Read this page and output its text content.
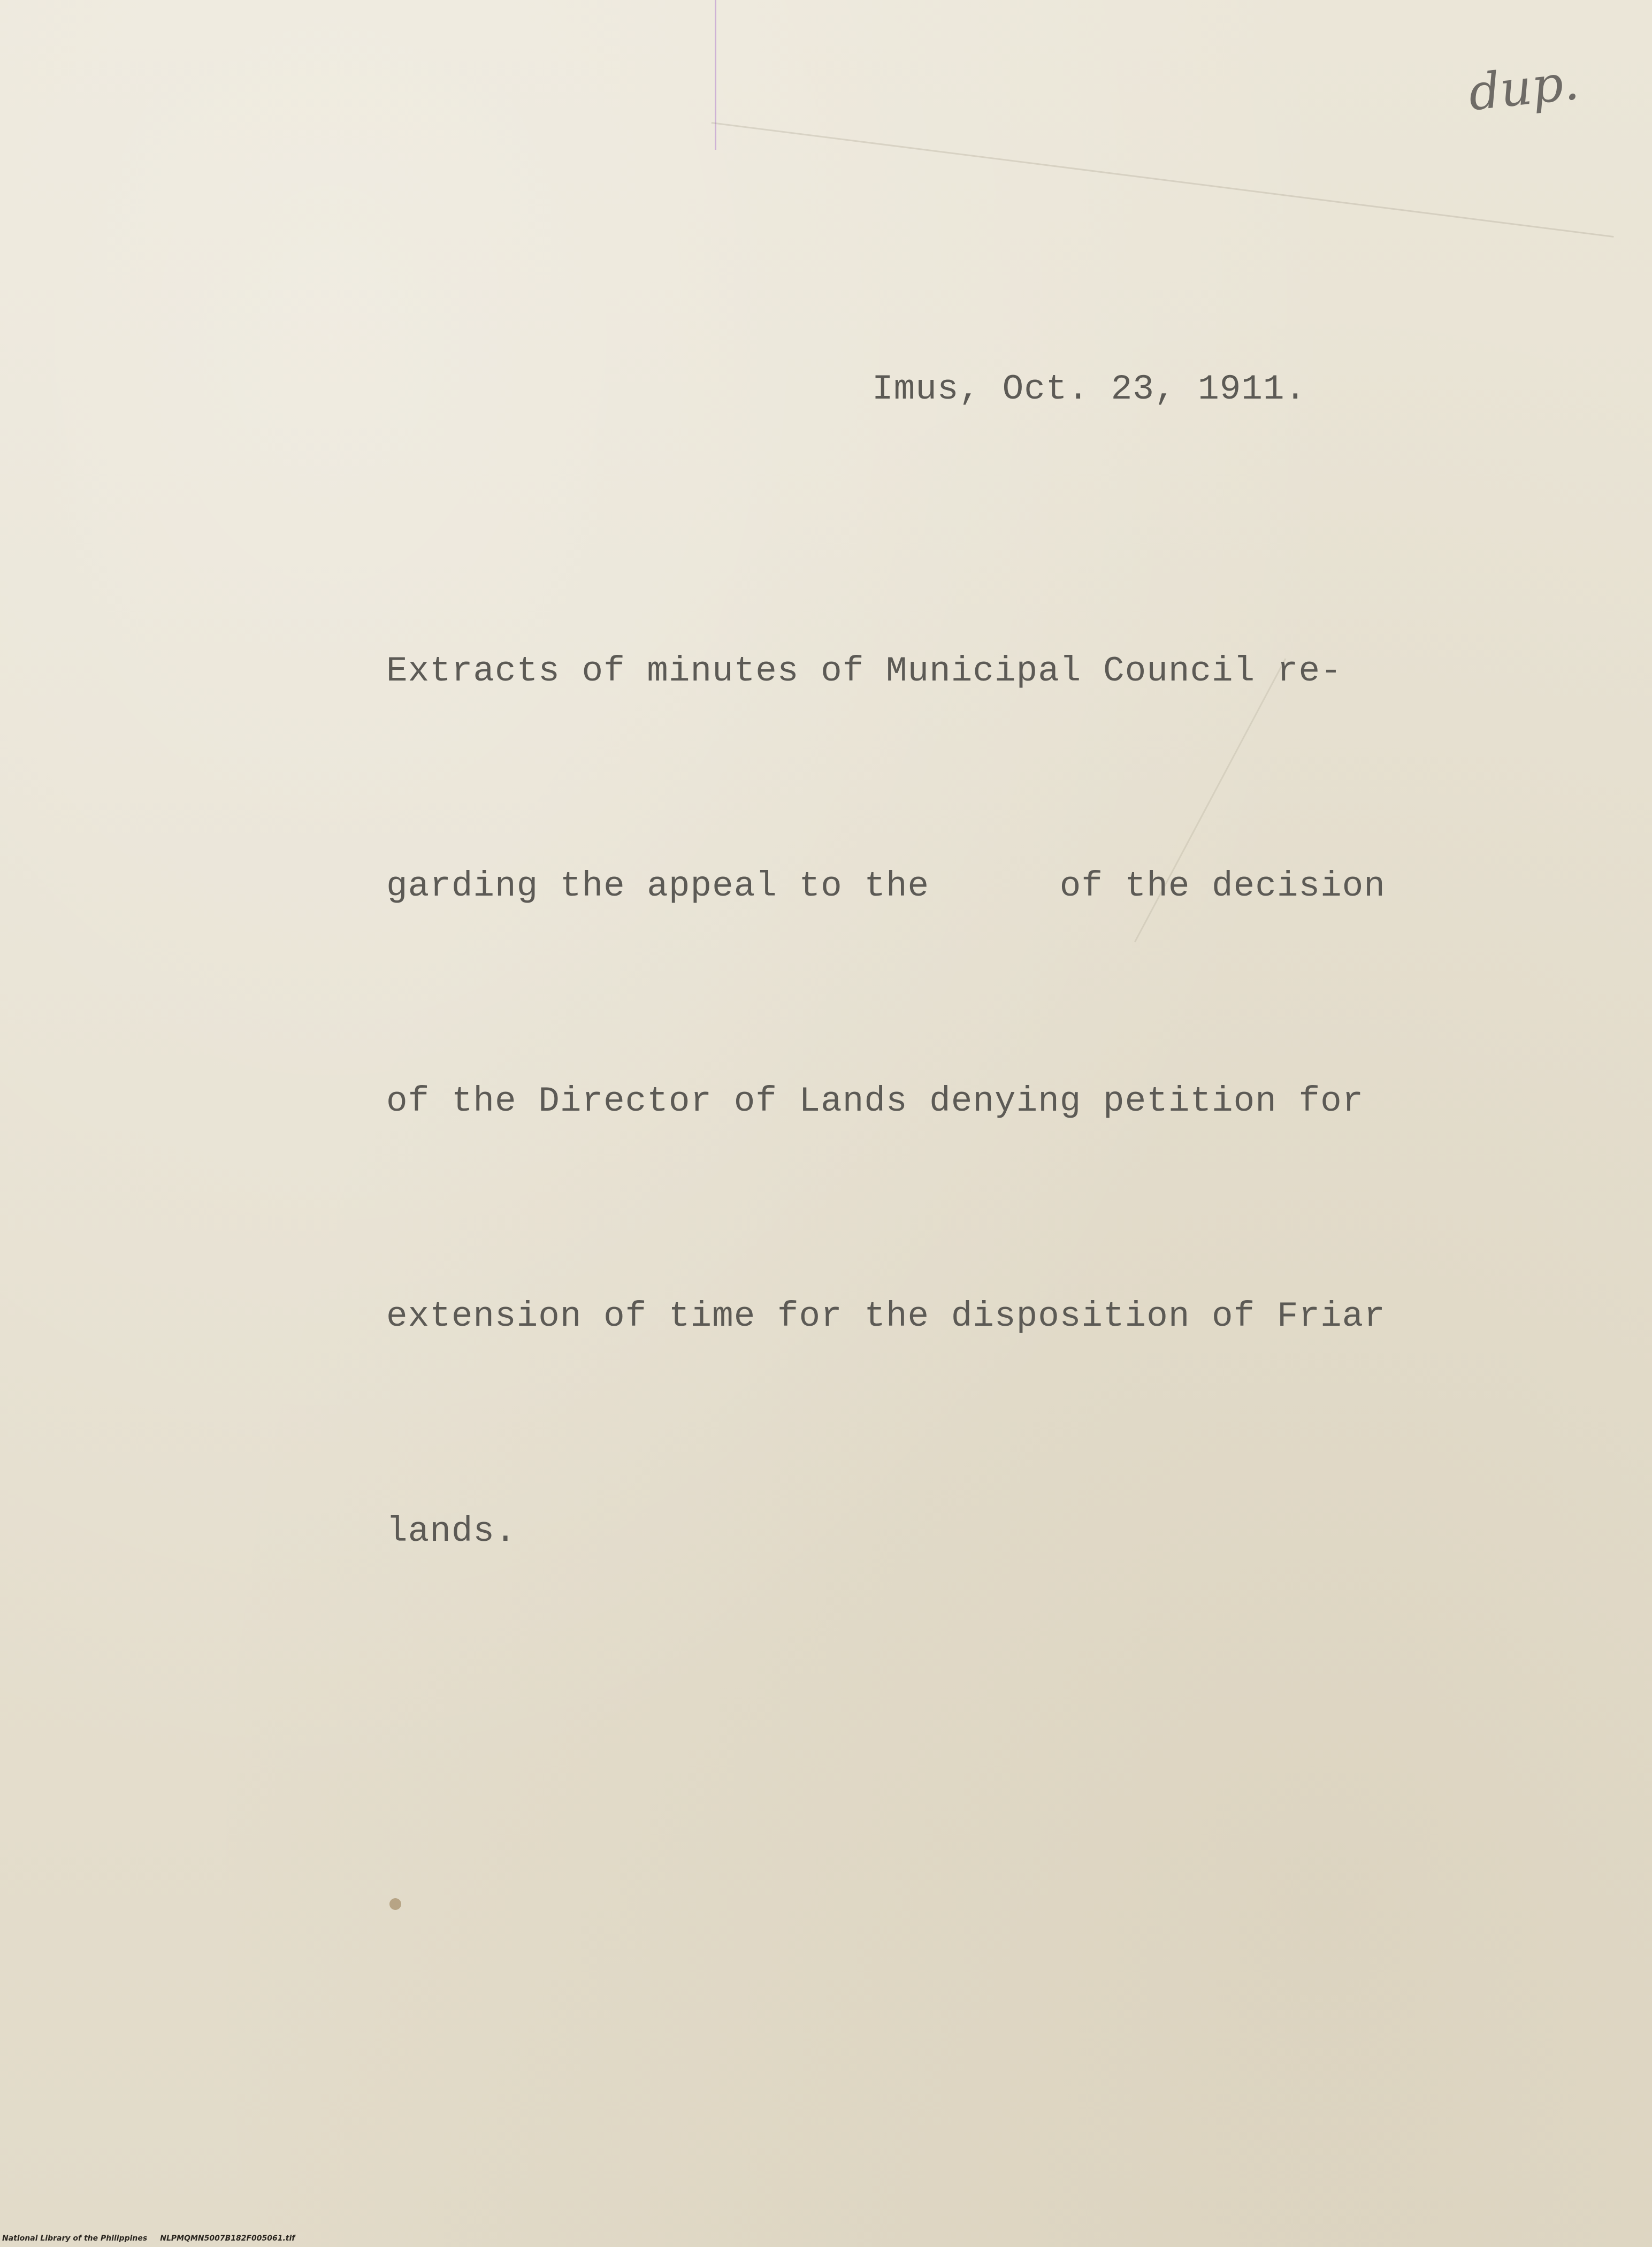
dup.
Imus, Oct. 23, 1911.

Extracts of minutes of Municipal Council re-

garding the appeal to the      of the decision

of the Director of Lands denying petition for

extension of time for the disposition of Friar

lands.

National Library of the Philippines NLPMQMN5007B182F005061.tif
